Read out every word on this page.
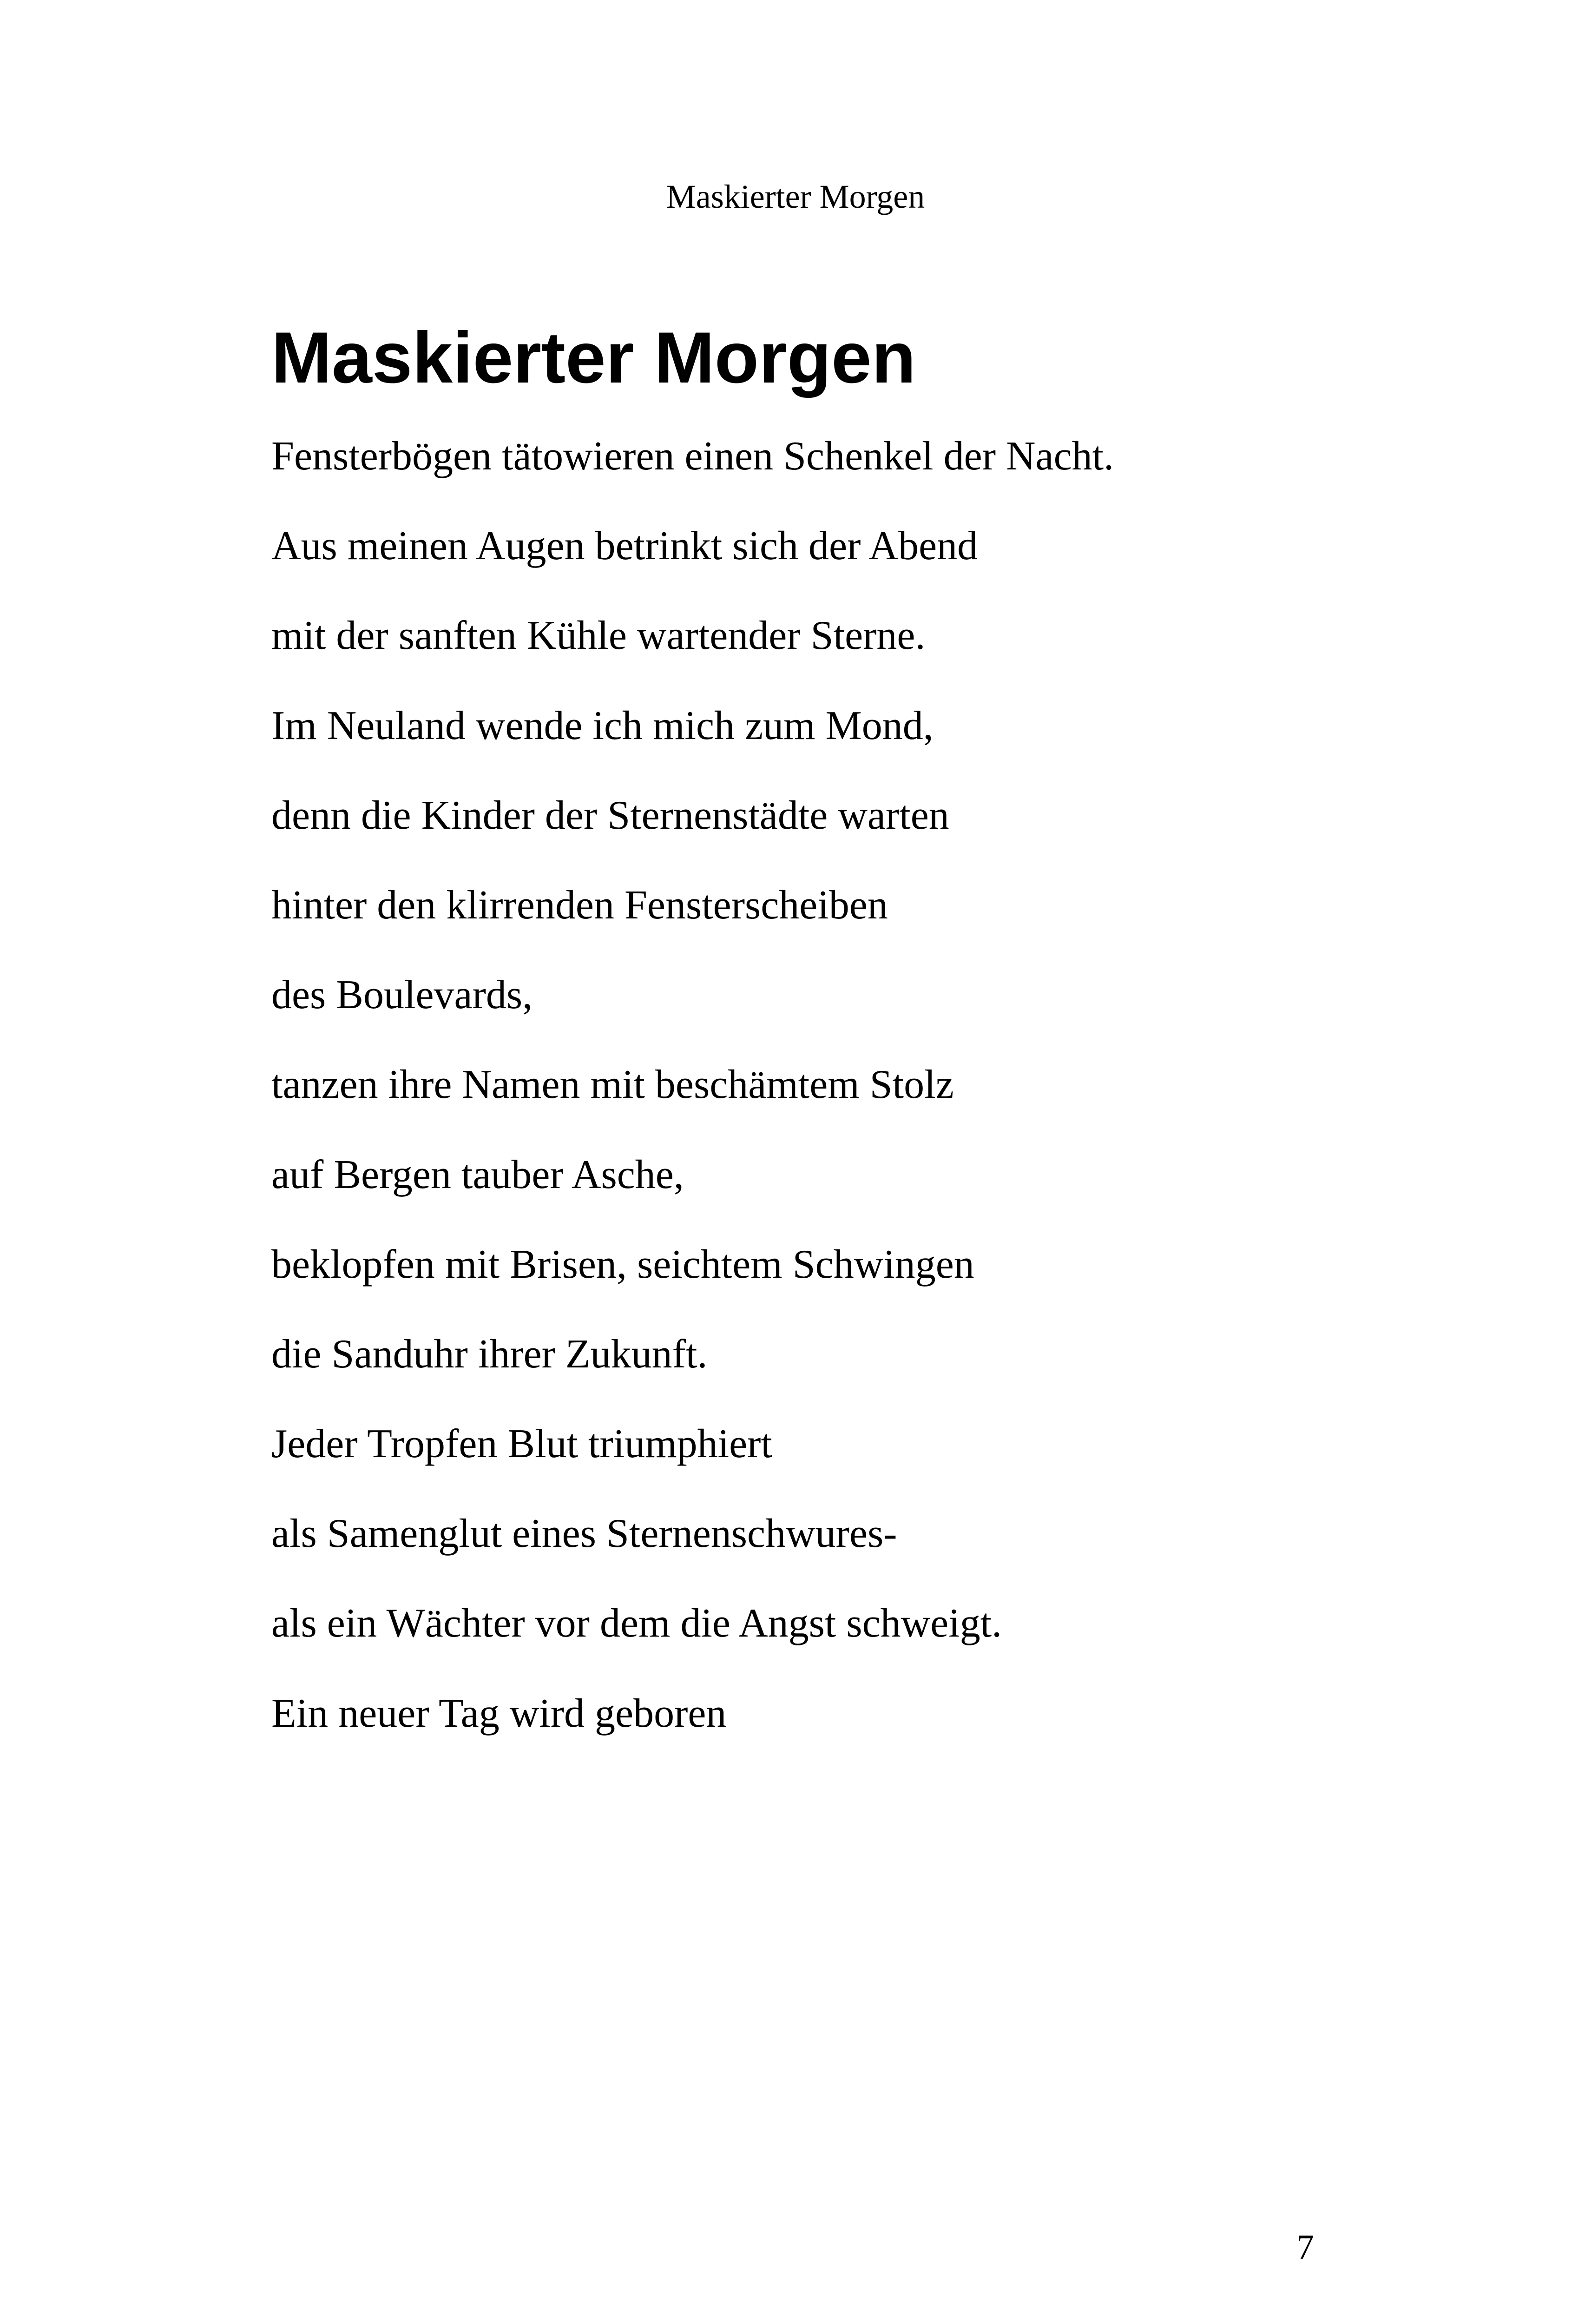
Maskierter Morgen
Maskierter Morgen
Fensterbögen tätowieren einen Schenkel der Nacht.
Aus meinen Augen betrinkt sich der Abend
mit der sanften Kühle wartender Sterne.
Im Neuland wende ich mich zum Mond,
denn die Kinder der Sternenstädte warten
hinter den klirrenden Fensterscheiben
des Boulevards,
tanzen ihre Namen mit beschämtem Stolz
auf Bergen tauber Asche,
beklopfen mit Brisen, seichtem Schwingen
die Sanduhr ihrer Zukunft.
Jeder Tropfen Blut triumphiert
als Samenglut eines Sternenschwures-
als ein Wächter vor dem die Angst schweigt.
Ein neuer Tag wird geboren
7
